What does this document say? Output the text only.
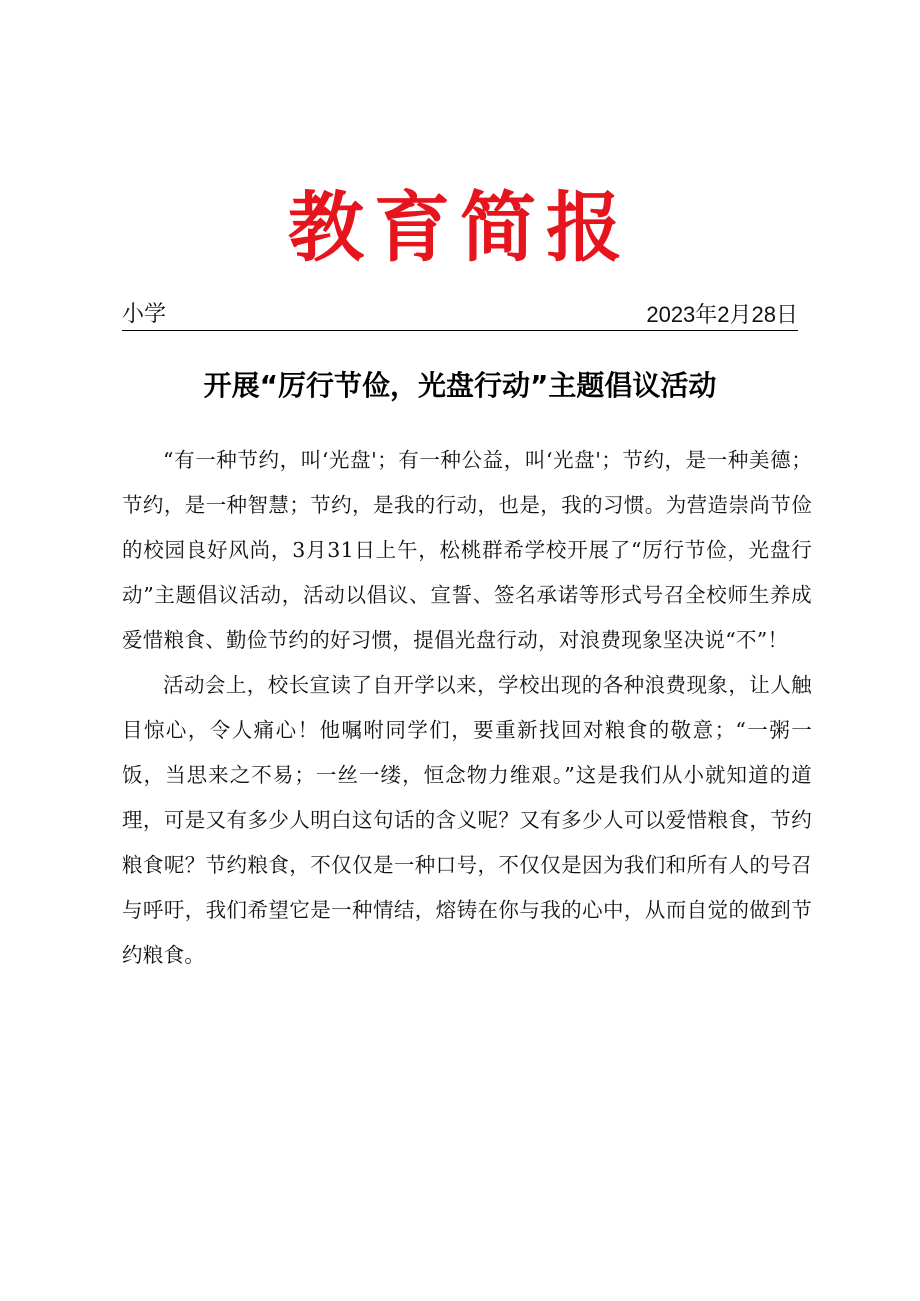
教育简报
小学	2023年2月28日
开展“厉行节俭，光盘行动”主题倡议活动

“有一种节约，叫‘光盘'；有一种公益，叫‘光盘'；节约，是一种美德；节约，是一种智慧；节约，是我的行动，也是，我的习惯。为营造崇尚节俭的校园良好风尚，3月31日上午，松桃群希学校开展了“厉行节俭，光盘行动”主题倡议活动，活动以倡议、宣誓、签名承诺等形式号召全校师生养成爱惜粮食、勤俭节约的好习惯，提倡光盘行动，对浪费现象坚决说“不”！

活动会上，校长宣读了自开学以来，学校出现的各种浪费现象，让人触目惊心，令人痛心！他嘱咐同学们，要重新找回对粮食的敬意；“一粥一饭，当思来之不易；一丝一缕，恒念物力维艰。”这是我们从小就知道的道理，可是又有多少人明白这句话的含义呢？又有多少人可以爱惜粮食，节约粮食呢？节约粮食，不仅仅是一种口号，不仅仅是因为我们和所有人的号召与呼吁，我们希望它是一种情结，熔铸在你与我的心中，从而自觉的做到节约粮食。
